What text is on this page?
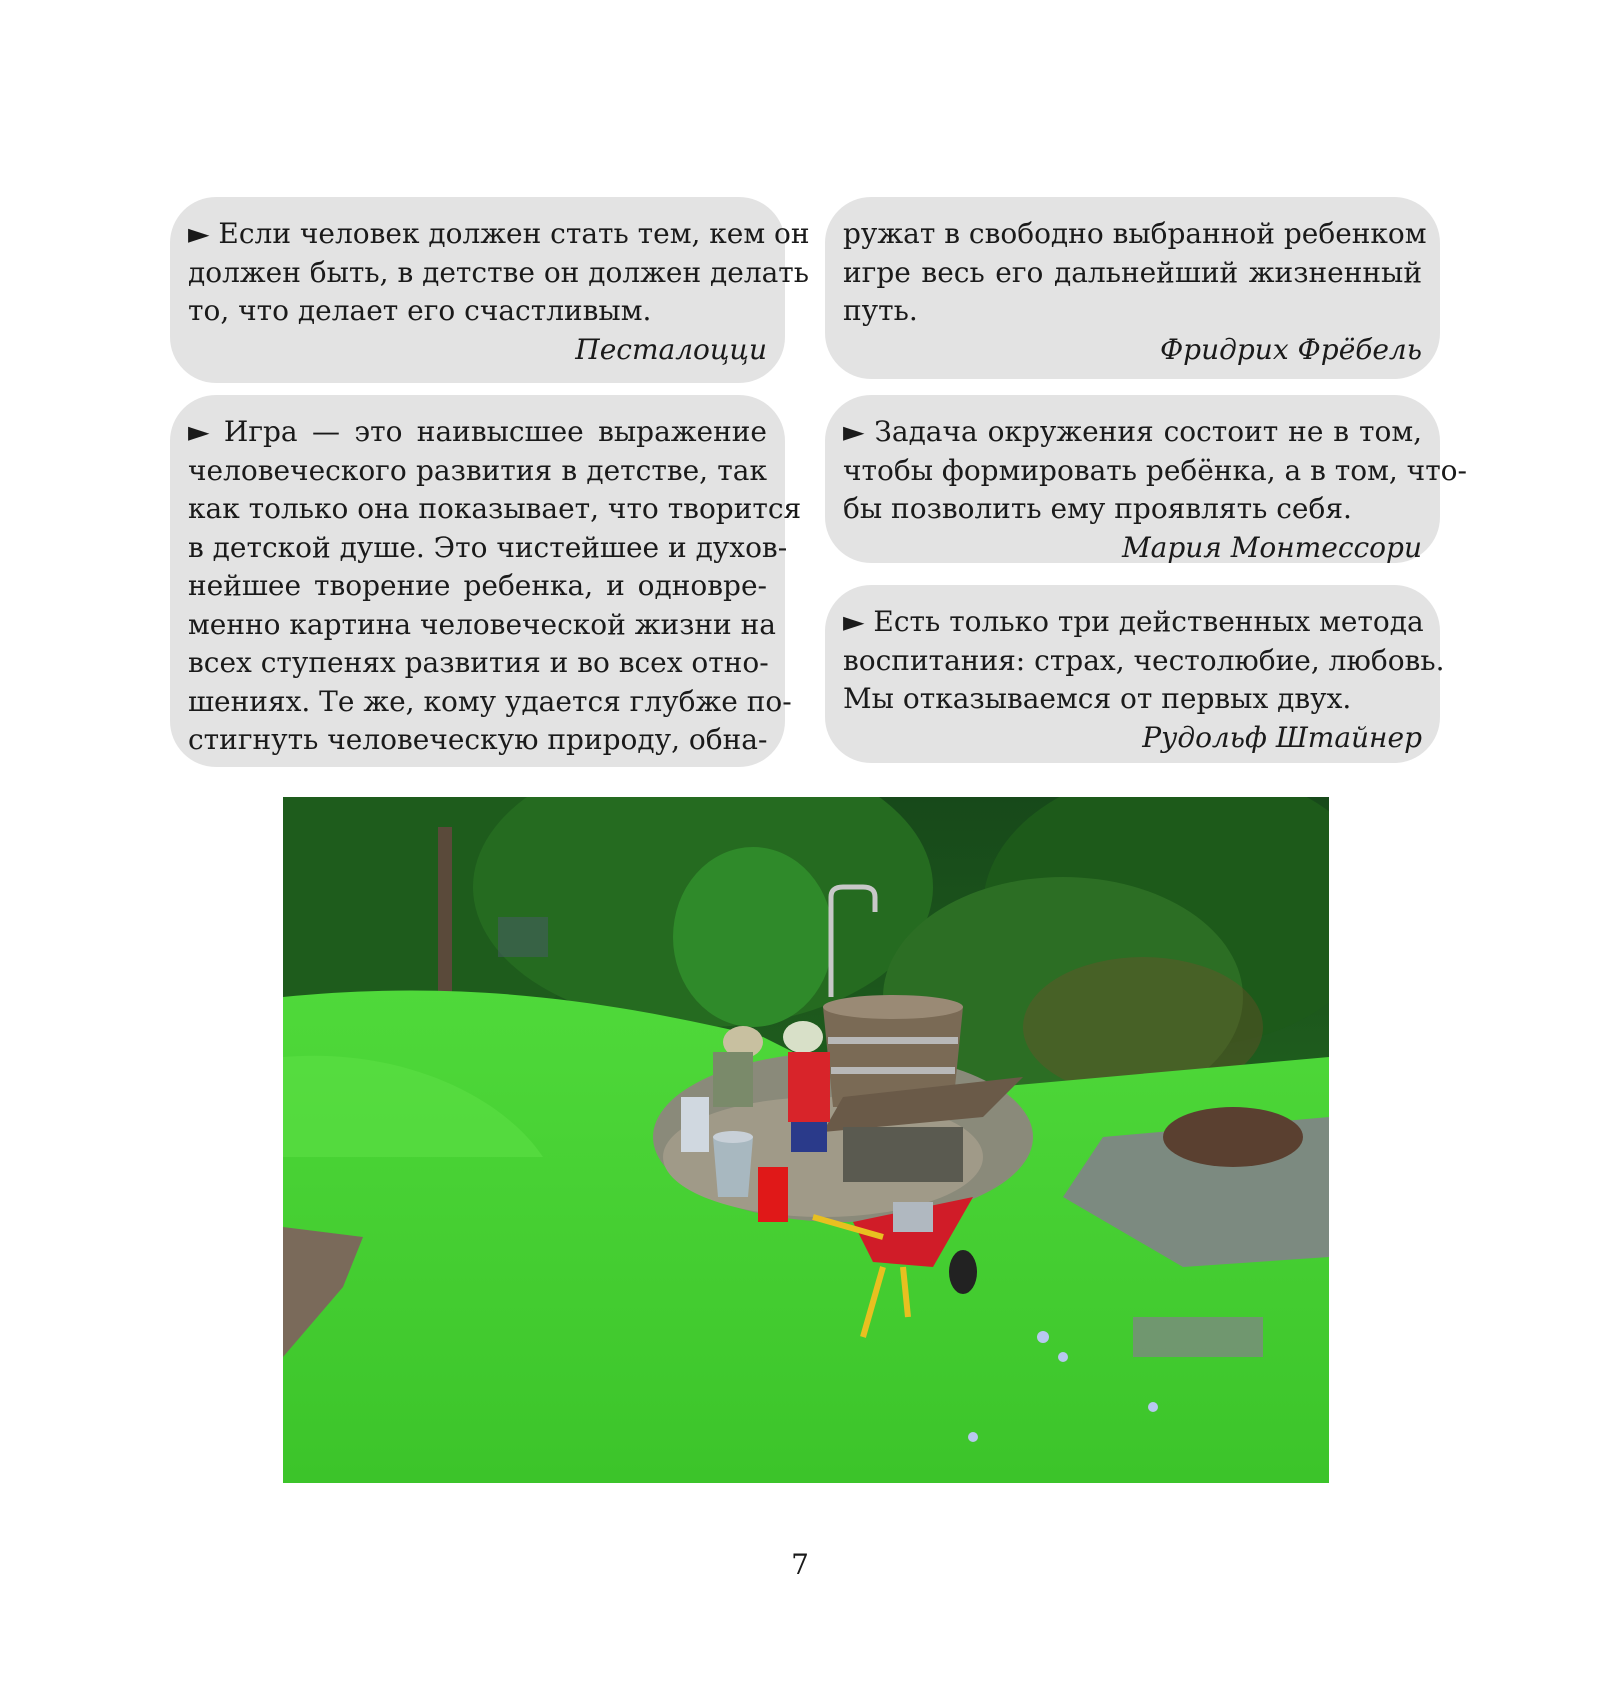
► Если человек должен стать тем, кем он
должен быть, в детстве он должен делать
то, что делает его счастливым.
Песталоцци
► Игра — это наивысшее выражение
человеческого развития в детстве, так
как только она показывает, что творится
в детской душе. Это чистейшее и духов-
нейшее творение ребенка, и одновре-
менно картина человеческой жизни на
всех ступенях развития и во всех отно-
шениях. Те же, кому удается глубже по-
стигнуть человеческую природу, обна-
ружат в свободно выбранной ребенком
игре весь его дальнейший жизненный
путь.
Фридрих Фрёбель
► Задача окружения состоит не в том,
чтобы формировать ребёнка, а в том, что-
бы позволить ему проявлять себя.
Мария Монтессори
► Есть только три действенных метода
воспитания: страх, честолюбие, любовь.
Мы отказываемся от первых двух.
Рудольф Штайнер
7
